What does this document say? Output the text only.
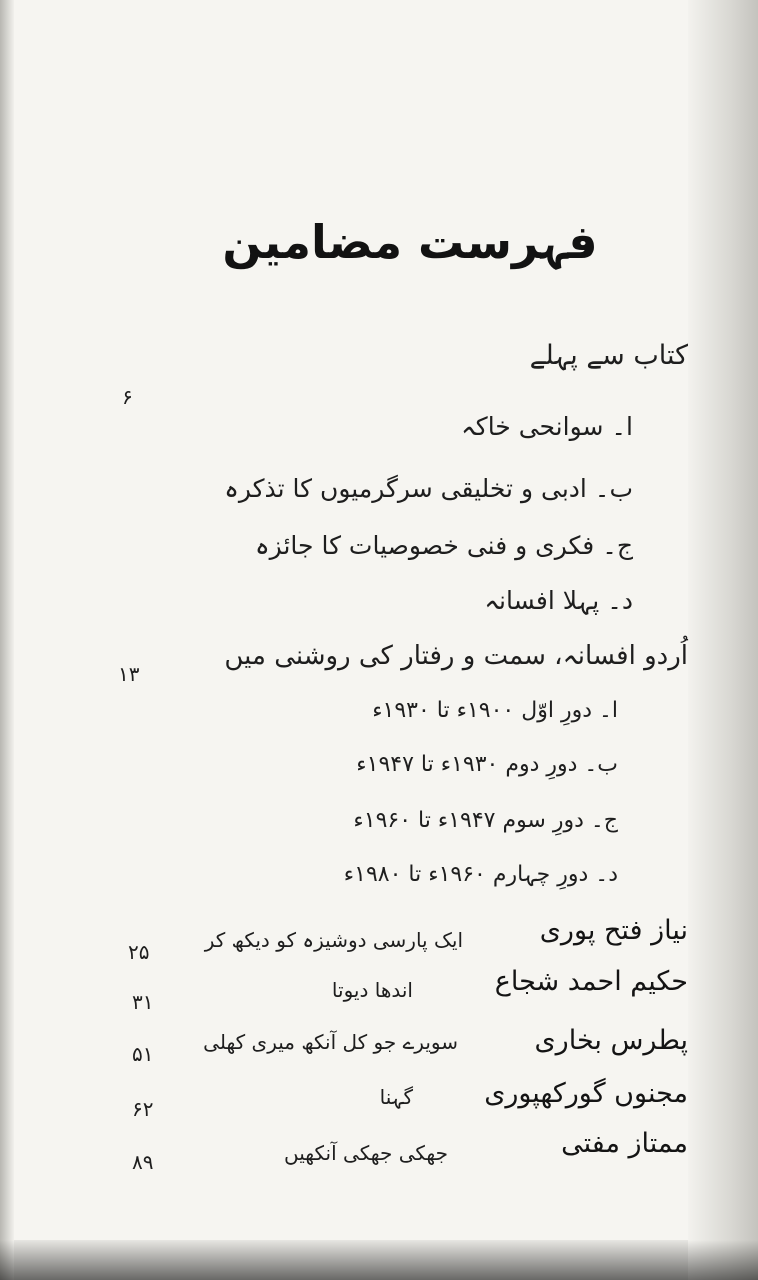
فہرست مضامین
کتاب سے پہلے
۶
ا۔ سوانحی خاکہ
ب۔ ادبی و تخلیقی سرگرمیوں کا تذکرہ
ج۔ فکری و فنی خصوصیات کا جائزہ
د۔ پہلا افسانہ
اُردو افسانہ، سمت و رفتار کی روشنی میں
۱۳
ا۔ دورِ اوّل ۱۹۰۰ء تا ۱۹۳۰ء
ب۔ دورِ دوم ۱۹۳۰ء تا ۱۹۴۷ء
ج۔ دورِ سوم ۱۹۴۷ء تا ۱۹۶۰ء
د۔ دورِ چہارم ۱۹۶۰ء تا ۱۹۸۰ء
نیاز فتح پوری
ایک پارسی دوشیزہ کو دیکھ کر
۲۵
حکیم احمد شجاع
اندھا دیوتا
۳۱
پطرس بخاری
سویرے جو کل آنکھ میری کھلی
۵۱
مجنوں گورکھپوری
گہنا
۶۲
ممتاز مفتی
جھکی جھکی آنکھیں
۸۹
